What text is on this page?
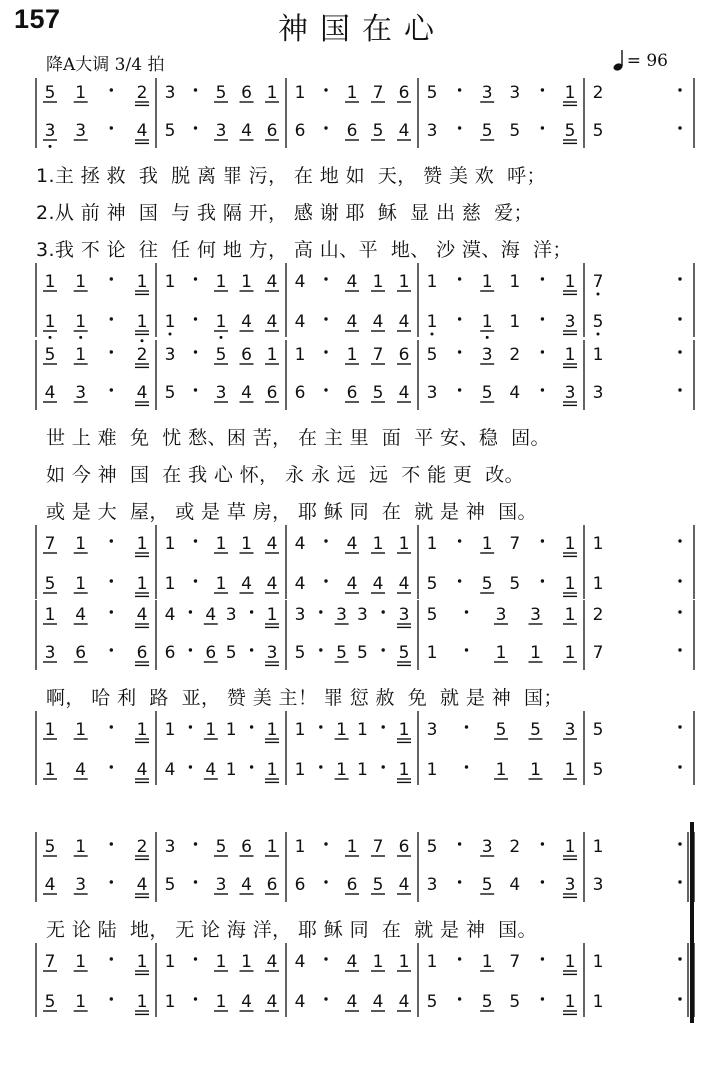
157	神国在心
降A大调 3/4 拍	= 96
5 1	2 3 5 6 1 1 1 7 6 5	3 3	1 2
3 3	4 5 3 4 6 6 6 5 4 3	5 5	5 5
1 1	1 1 1 1 4 4 4 1 1 1	1 1	1 7
1 1	1 1 1 4 4 4 4 4 4 1	1 1	3 5
1.主 拯 救  我  脱 离 罪 污， 在 地 如  天， 赞 美 欢  呼；
2.从 前 神  国  与 我 隔 开， 感 谢 耶  稣  显 出 慈  爱；
3.我 不 论  往  任 何 地 方， 高 山、平  地、 沙 漠、海  洋；
5 1	2 3 5 6 1 1 1 7 6 5	3 2	1 1
4 3	4 5 3 4 6 6 6 5 4 3	5 4	3 3
7 1	1 1 1 1 4 4 4 1 1 1	1 7	1 1
5 1	1 1 1 4 4 4 4 4 4 5	5 5	1 1
世 上 难  免  忧 愁、困 苦， 在 主 里  面  平 安、稳  固。
如 今 神  国  在 我 心 怀， 永 永 远  远  不 能 更  改。
或 是 大  屋， 或 是 草 房， 耶 稣 同  在  就 是 神  国。
1 4	4 4 4 3 1 3 3 3 3 5	3 3 1 2
3 6	6 6 6 5 3 5 5 5 5 1	1 1 1 7
1 1	1 1 1 1 1 1 1 1 1 3	5 5 3 5
1 4	4 4 4 1 1 1 1 1 1 1	1 1 1 5
啊， 哈 利  路  亚， 赞 美 主！ 罪 愆 赦  免  就 是 神  国；
5 1	2 3 5 6 1 1 1 7 6 5	3 2	1 1
4 3	4 5 3 4 6 6 6 5 4 3	5 4	3 3
7 1	1 1 1 1 4 4 4 1 1 1	1 7	1 1
5 1	1 1 1 4 4 4 4 4 4 5	5 5	1 1
无 论 陆  地， 无 论 海 洋， 耶 稣 同  在  就 是 神  国。
